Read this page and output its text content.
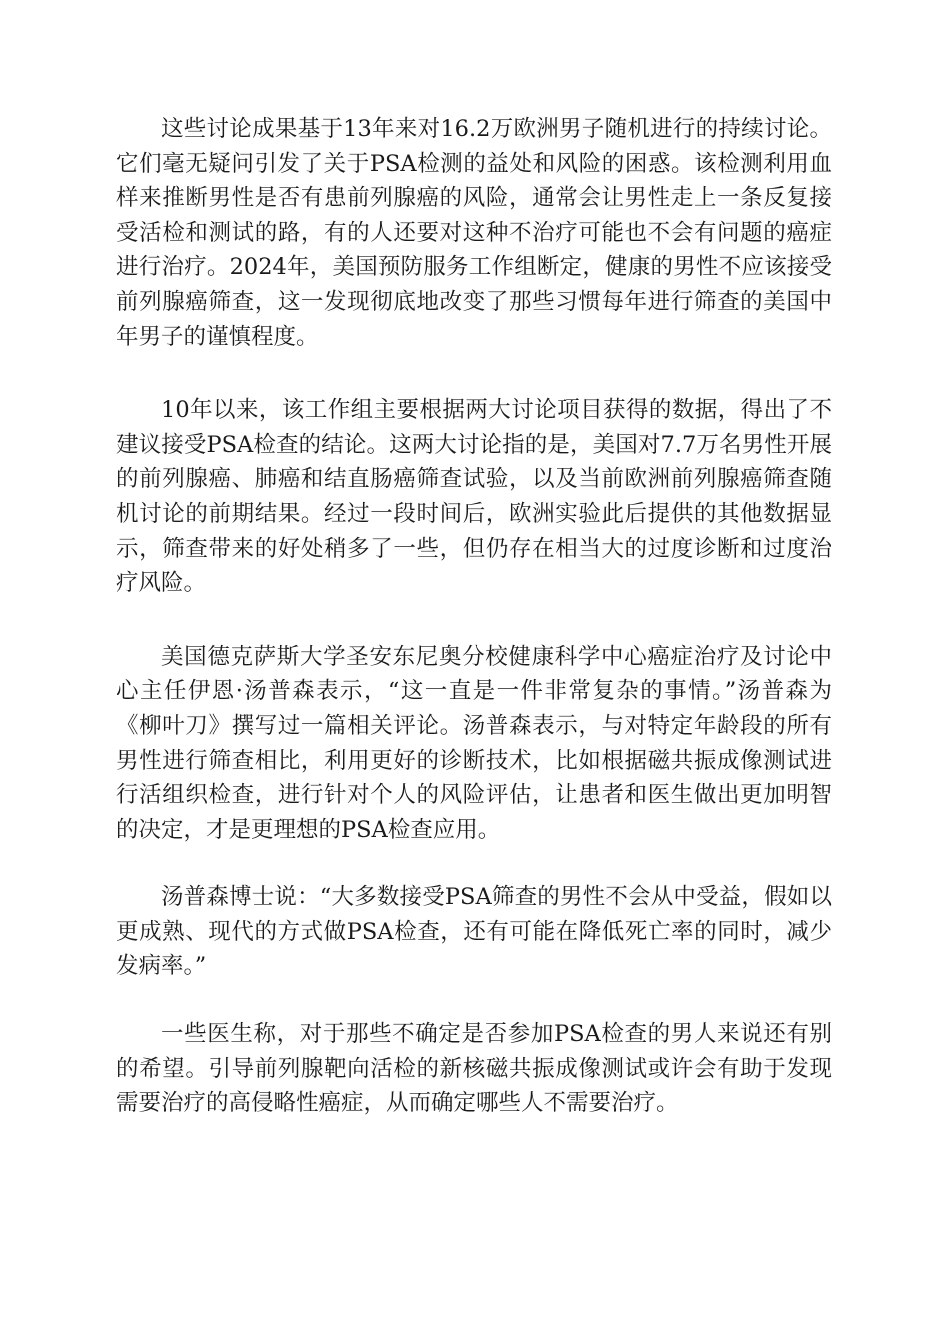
这些讨论成果基于13年来对16.2万欧洲男子随机进行的持续讨论。它们毫无疑问引发了关于PSA检测的益处和风险的困惑。该检测利用血样来推断男性是否有患前列腺癌的风险，通常会让男性走上一条反复接受活检和测试的路，有的人还要对这种不治疗可能也不会有问题的癌症进行治疗。2024年，美国预防服务工作组断定，健康的男性不应该接受前列腺癌筛查，这一发现彻底地改变了那些习惯每年进行筛查的美国中年男子的谨慎程度。

10年以来，该工作组主要根据两大讨论项目获得的数据，得出了不建议接受PSA检查的结论。这两大讨论指的是，美国对7.7万名男性开展的前列腺癌、肺癌和结直肠癌筛查试验，以及当前欧洲前列腺癌筛查随机讨论的前期结果。经过一段时间后，欧洲实验此后提供的其他数据显示，筛查带来的好处稍多了一些，但仍存在相当大的过度诊断和过度治疗风险。

美国德克萨斯大学圣安东尼奥分校健康科学中心癌症治疗及讨论中心主任伊恩·汤普森表示，“这一直是一件非常复杂的事情。”汤普森为《柳叶刀》撰写过一篇相关评论。汤普森表示，与对特定年龄段的所有男性进行筛查相比，利用更好的诊断技术，比如根据磁共振成像测试进行活组织检查，进行针对个人的风险评估，让患者和医生做出更加明智的决定，才是更理想的PSA检查应用。

汤普森博士说：“大多数接受PSA筛查的男性不会从中受益，假如以更成熟、现代的方式做PSA检查，还有可能在降低死亡率的同时，减少发病率。”

一些医生称，对于那些不确定是否参加PSA检查的男人来说还有别的希望。引导前列腺靶向活检的新核磁共振成像测试或许会有助于发现需要治疗的高侵略性癌症，从而确定哪些人不需要治疗。
